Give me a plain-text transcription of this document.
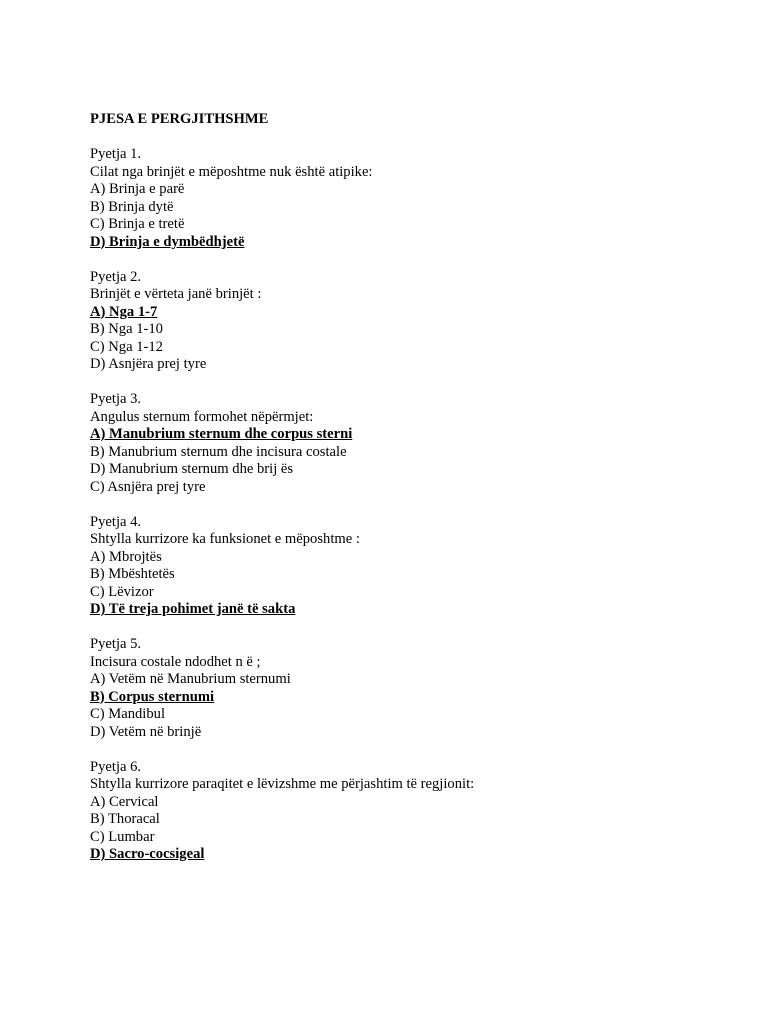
PJESA E PERGJITHSHME
Pyetja 1.
Cilat nga brinjët e mëposhtme nuk është atipike:
A) Brinja e parë
B) Brinja dytë
C) Brinja e tretë
D) Brinja e dymbëdhjetë
Pyetja 2.
Brinjët e vërteta janë brinjët :
A) Nga 1-7
B) Nga 1-10
C) Nga 1-12
D) Asnjëra prej tyre
Pyetja 3.
Angulus sternum formohet nëpërmjet:
A) Manubrium sternum dhe corpus sterni
B) Manubrium sternum dhe incisura costale
D) Manubrium sternum dhe brij ës
C) Asnjëra prej tyre
Pyetja 4.
Shtylla kurrizore ka funksionet e mëposhtme :
A) Mbrojtës
B) Mbështetës
C) Lëvizor
D) Të treja pohimet janë të sakta
Pyetja 5.
Incisura costale ndodhet n ë ;
A) Vetëm në Manubrium sternumi
B) Corpus sternumi
C) Mandibul
D) Vetëm në brinjë
Pyetja 6.
Shtylla kurrizore paraqitet e lëvizshme me përjashtim të regjionit:
A) Cervical
B) Thoracal
C) Lumbar
D) Sacro-cocsigeal
